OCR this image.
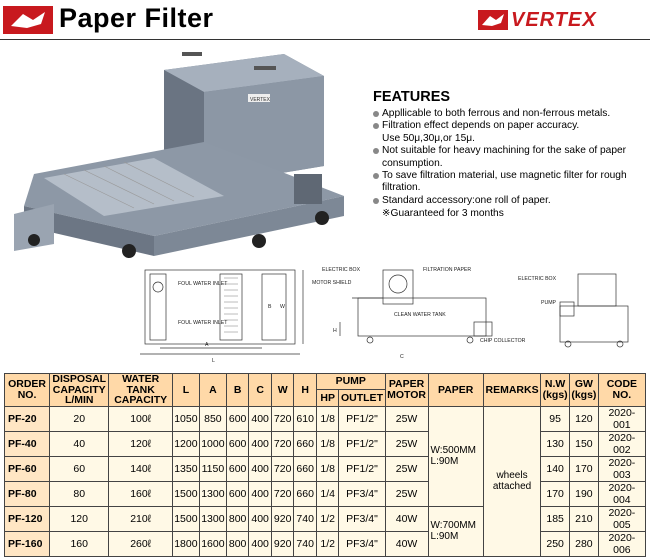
Paper Filter	VERTEX
VERTEX	FEATURES
Appllicable to both ferrous and non-ferrous metals.
Filtration effect depends on paper accuracy.
Use 50μ,30μ,or 15μ.
Not suitable for heavy machining for the sake of paper
consumption.
To save filtration material, use magnetic filter for rough
filtration.
Standard accessory:one roll of paper.
※Guaranteed for 3 months
FOUL WATER INLET
FOUL WATER INLET
B W
A
L
ELECTRIC BOX	FILTRATION PAPER
MOTOR SHIELD
CLEAN WATER TANK
CHIP COLLECTOR
H
C
ELECTRIC BOX
PUMP
ORDER NO.	DISPOSAL CAPACITY L/MIN	WATER TANK CAPACITY	L	A	B	C	W	H	PUMP		PAPER MOTOR	PAPER	REMARKS	N.W (kgs)	GW (kgs)	CODE NO.
									HP	OUTLET						
PF-20	20	100ℓ	1050	850	600	400	720	610	1/8	PF1/2"	25W	W:500MM L:90M	wheels attached	95	120	2020-001
PF-40	40	120ℓ	1200	1000	600	400	720	660	1/8	PF1/2"	25W			130	150	2020-002
PF-60	60	140ℓ	1350	1150	600	400	720	660	1/8	PF1/2"	25W			140	170	2020-003
PF-80	80	160ℓ	1500	1300	600	400	720	660	1/4	PF3/4"	25W			170	190	2020-004
PF-120	120	210ℓ	1500	1300	800	400	920	740	1/2	PF3/4"	40W	W:700MM L:90M		185	210	2020-005
PF-160	160	260ℓ	1800	1600	800	400	920	740	1/2	PF3/4"	40W			250	280	2020-006
